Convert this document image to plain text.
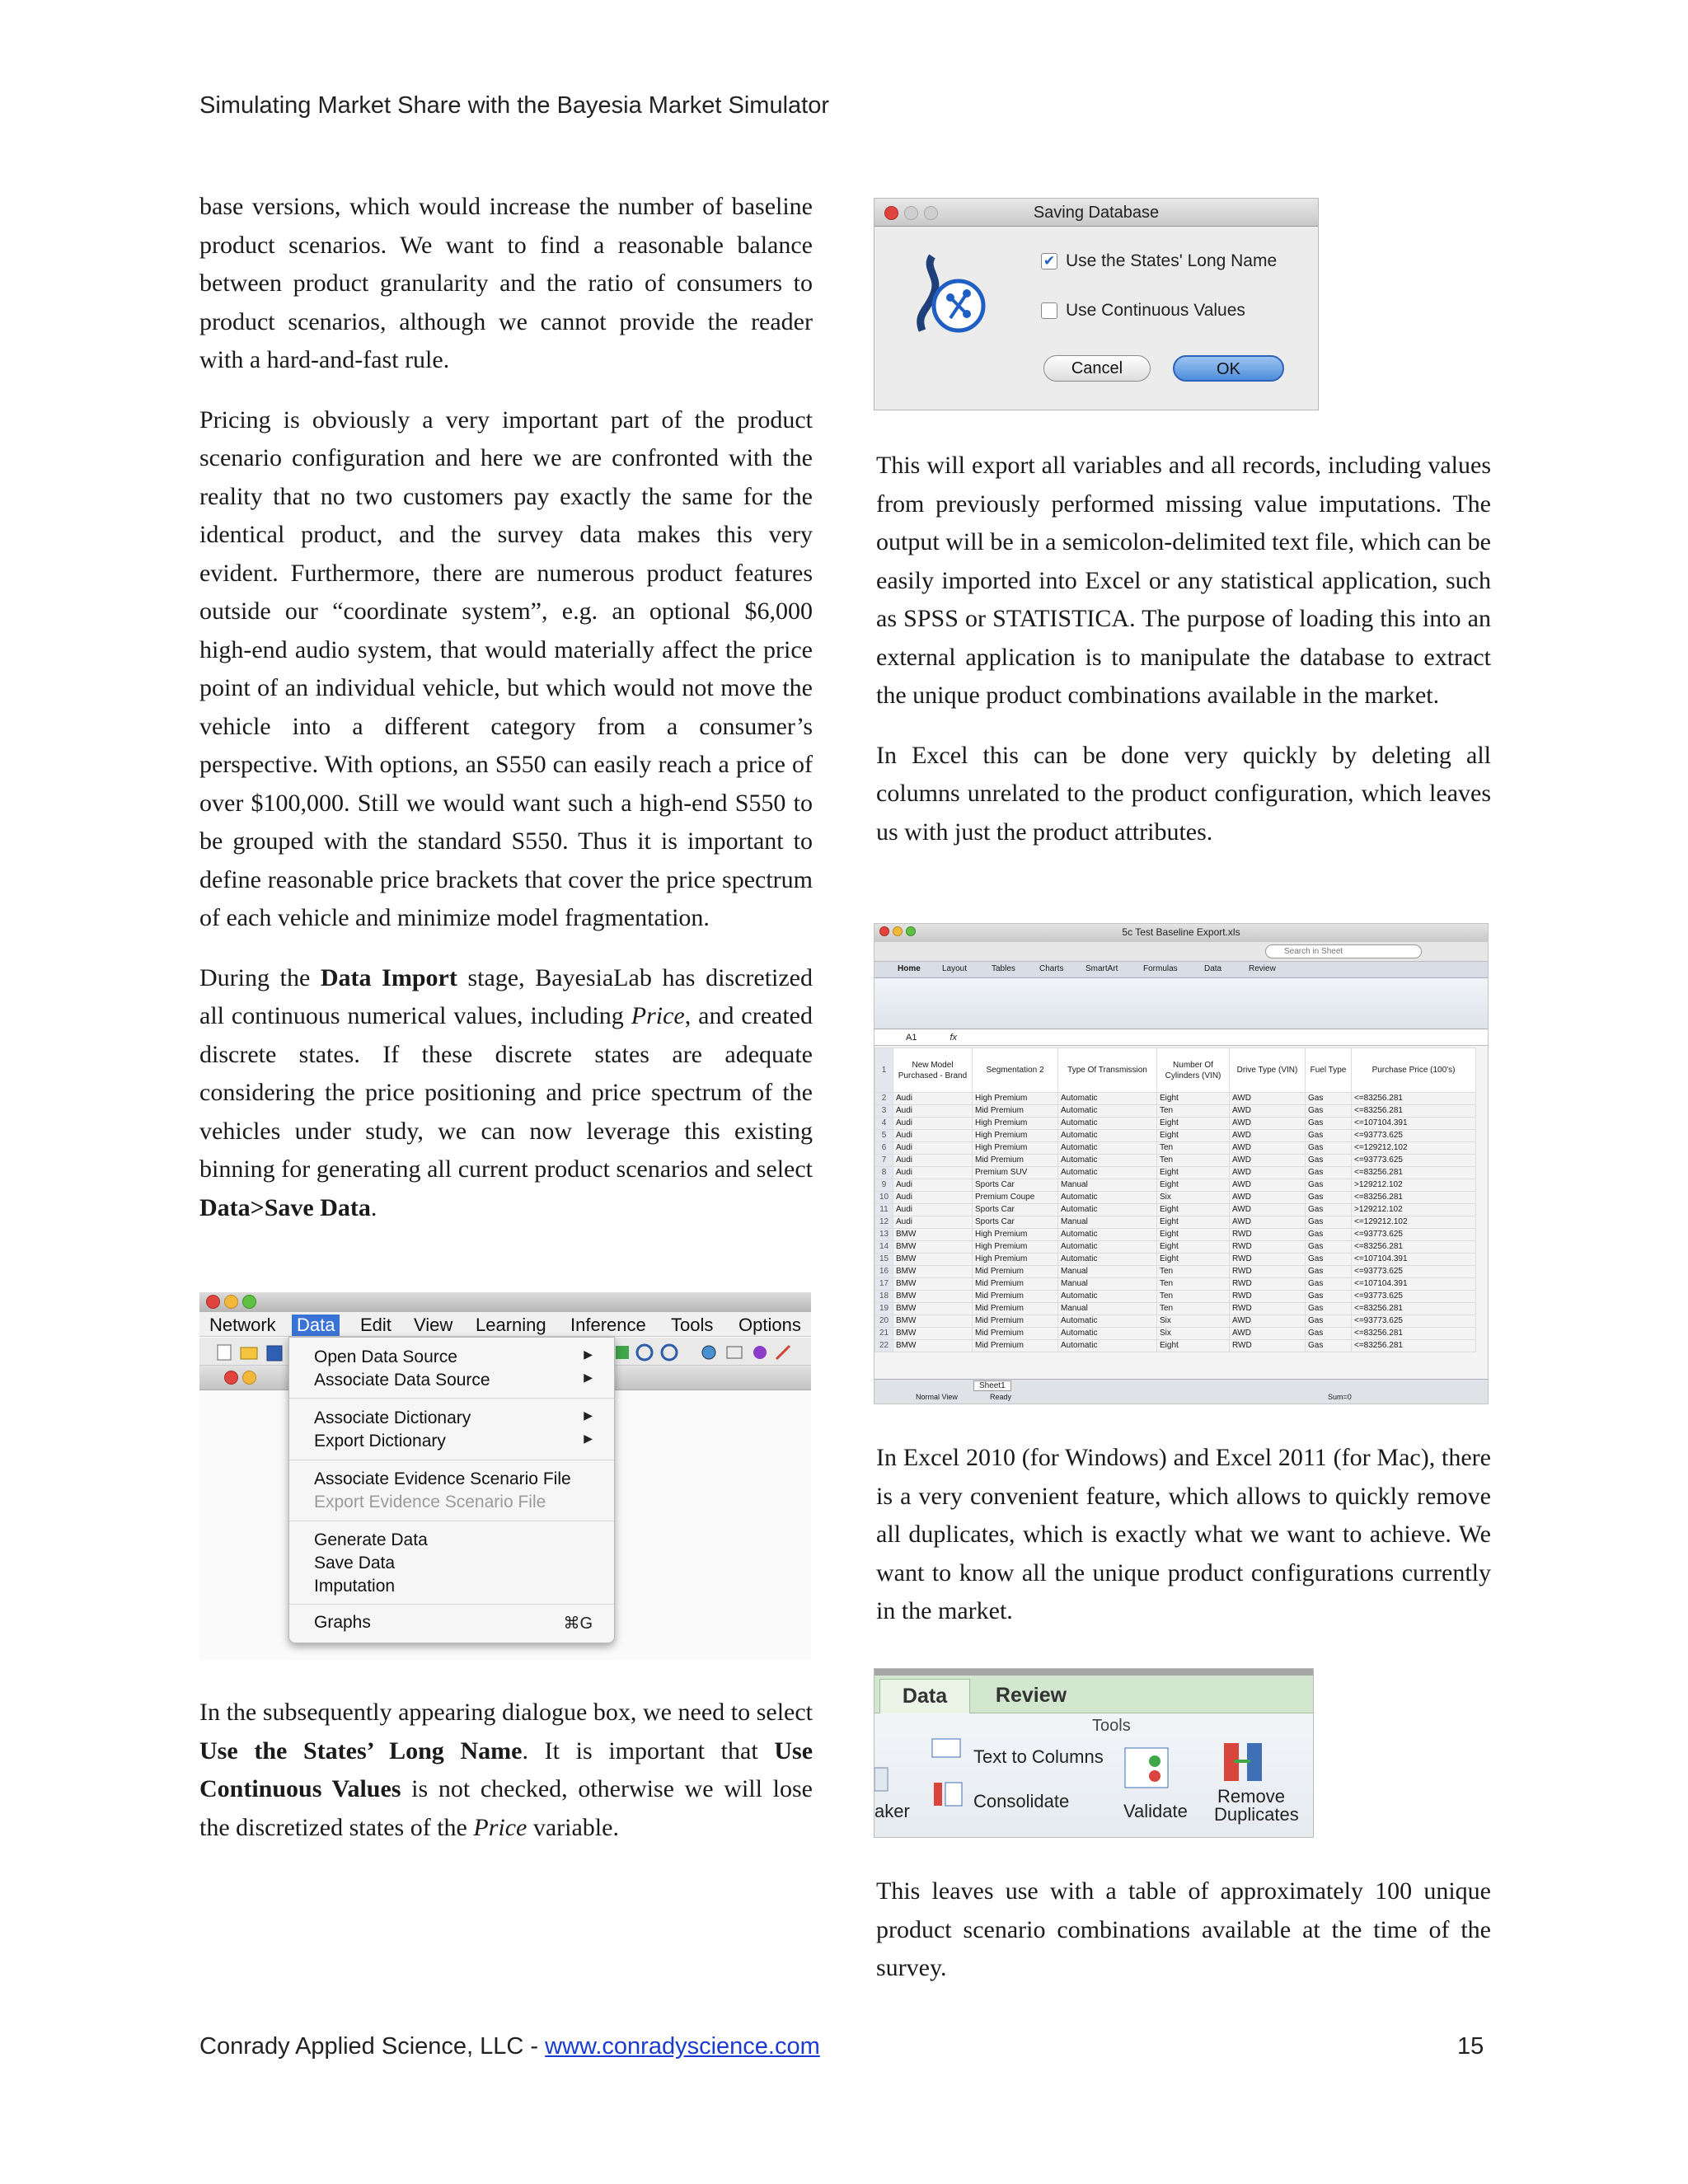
Simulating Market Share with the Bayesia Market Simulator

base versions, which would increase the number of baseline product scenarios. We want to find a reasonable balance between product granularity and the ratio of consumers to product scenarios, although we cannot provide the reader with a hard-and-fast rule.

Pricing is obviously a very important part of the product scenario configuration and here we are confronted with the reality that no two customers pay exactly the same for the identical product, and the survey data makes this very evident. Furthermore, there are numerous product features outside our “coordinate system”, e.g. an optional $6,000 high-end audio system, that would materially affect the price point of an individual vehicle, but which would not move the vehicle into a different category from a consumer’s perspective. With options, an S550 can easily reach a price of over $100,000. Still we would want such a high-end S550 to be grouped with the standard S550. Thus it is important to define reasonable price brackets that cover the price spectrum of each vehicle and minimize model fragmentation.

During the Data Import stage, BayesiaLab has discretized all continuous numerical values, including Price, and created discrete states. If these discrete states are adequate considering the price positioning and price spectrum of the vehicles under study, we can now leverage this existing binning for generating all current product scenarios and select Data>Save Data.

Network Data Edit View Learning Inference Tools Options
Open Data Source	▶
Associate Data Source	▶
Associate Dictionary	▶
Export Dictionary	▶
Associate Evidence Scenario File
Export Evidence Scenario File
Generate Data
Save Data
Imputation
Graphs	⌘G

In the subsequently appearing dialogue box, we need to select Use the States’ Long Name. It is important that Use Continuous Values is not checked, otherwise we will lose the discretized states of the Price variable.

Saving Database
✔ Use the States' Long Name
Use Continuous Values
Cancel	OK

This will export all variables and all records, including values from previously performed missing value imputations. The output will be in a semicolon-delimited text file, which can be easily imported into Excel or any statistical application, such as SPSS or STATISTICA. The purpose of loading this into an external application is to manipulate the database to extract the unique product combinations available in the market.

In Excel this can be done very quickly by deleting all columns unrelated to the product configuration, which leaves us with just the product attributes.

5c Test Baseline Export.xls
Search in Sheet
Home	Layout	Tables	Charts	SmartArt	Formulas	Data	Review
A1	fx
1	New Model Purchased - Brand	Segmentation 2	Type Of Transmission	Number Of Cylinders (VIN)	Drive Type (VIN)	Fuel Type	Purchase Price (100's)
2	Audi	High Premium	Automatic	Eight	AWD	Gas	<=83256.281
3	Audi	Mid Premium	Automatic	Ten	AWD	Gas	<=83256.281
4	Audi	High Premium	Automatic	Eight	AWD	Gas	<=107104.391
5	Audi	High Premium	Automatic	Eight	AWD	Gas	<=93773.625
6	Audi	High Premium	Automatic	Ten	AWD	Gas	<=129212.102
7	Audi	Mid Premium	Automatic	Ten	AWD	Gas	<=93773.625
8	Audi	Premium SUV	Automatic	Eight	AWD	Gas	<=83256.281
9	Audi	Sports Car	Manual	Eight	AWD	Gas	>129212.102
10	Audi	Premium Coupe	Automatic	Six	AWD	Gas	<=83256.281
11	Audi	Sports Car	Automatic	Eight	AWD	Gas	>129212.102
12	Audi	Sports Car	Manual	Eight	AWD	Gas	<=129212.102
13	BMW	High Premium	Automatic	Eight	RWD	Gas	<=93773.625
14	BMW	High Premium	Automatic	Eight	RWD	Gas	<=83256.281
15	BMW	High Premium	Automatic	Eight	RWD	Gas	<=107104.391
16	BMW	Mid Premium	Manual	Ten	RWD	Gas	<=93773.625
17	BMW	Mid Premium	Manual	Ten	RWD	Gas	<=107104.391
18	BMW	Mid Premium	Automatic	Ten	RWD	Gas	<=93773.625
19	BMW	Mid Premium	Manual	Ten	RWD	Gas	<=83256.281
20	BMW	Mid Premium	Automatic	Six	AWD	Gas	<=93773.625
21	BMW	Mid Premium	Automatic	Six	AWD	Gas	<=83256.281
22	BMW	Mid Premium	Automatic	Eight	RWD	Gas	<=83256.281
Sheet1
Normal View	Ready	Sum=0

In Excel 2010 (for Windows) and Excel 2011 (for Mac), there is a very convenient feature, which allows to quickly remove all duplicates, which is exactly what we want to achieve. We want to know all the unique product configurations currently in the market.

Data	Review
Tools
Text to Columns
Consolidate	Validate
Remove
Duplicates
aker

This leaves use with a table of approximately 100 unique product scenario combinations available at the time of the survey.

Conrady Applied Science, LLC - www.conradyscience.com	15
